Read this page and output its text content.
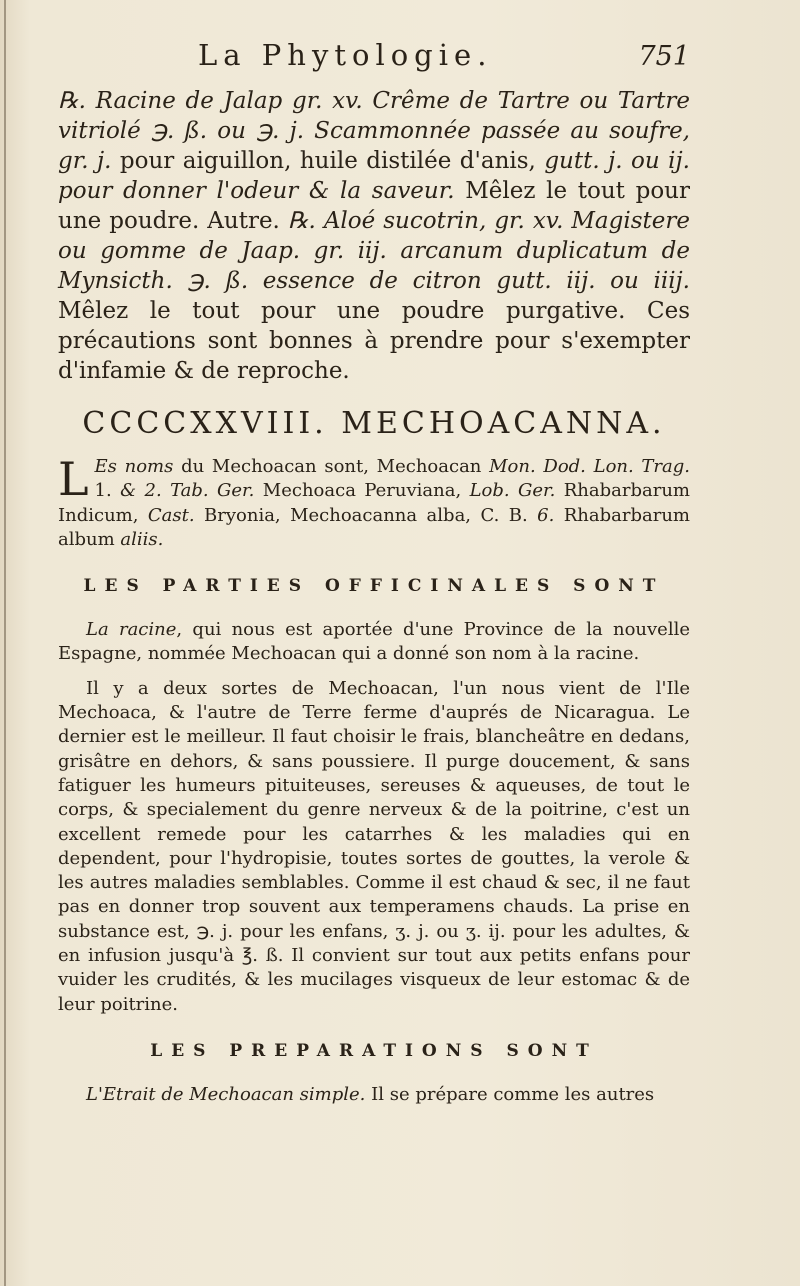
La Phytologie.	751

℞. Racine de Jalap gr. xv. Crême de Tartre ou Tartre vitriolé ℈. ß. ou ℈. j. Scammonnée passée au soufre, gr. j. pour aiguillon, huile distilée d'anis, gutt. j. ou ij. pour donner l'odeur & la saveur. Mêlez le tout pour une poudre. Autre. ℞. Aloé sucotrin, gr. xv. Magistere ou gomme de Jaap. gr. iij. arcanum duplicatum de Mynsicth. ℈. ß. essence de citron gutt. iij. ou iiij. Mêlez le tout pour une poudre purgative. Ces précautions sont bonnes à prendre pour s'exempter d'infamie & de reproche.

CCCCXXVIII. MECHOACANNA.

L Es noms du Mechoacan sont, Mechoacan Mon. Dod. Lon. Trag. 1. & 2. Tab. Ger. Mechoaca Peruviana, Lob. Ger. Rhabarbarum Indicum, Cast. Bryonia, Mechoacanna alba, C. B. 6. Rhabarbarum album aliis.

LES PARTIES OFFICINALES SONT

La racine, qui nous est aportée d'une Province de la nouvelle Espagne, nommée Mechoacan qui a donné son nom à la racine.

Il y a deux sortes de Mechoacan, l'un nous vient de l'Ile Mechoaca, & l'autre de Terre ferme d'auprés de Nicaragua. Le dernier est le meilleur. Il faut choisir le frais, blancheâtre en dedans, grisâtre en dehors, & sans poussiere. Il purge doucement, & sans fatiguer les humeurs pituiteuses, sereuses & aqueuses, de tout le corps, & specialement du genre nerveux & de la poitrine, c'est un excellent remede pour les catarrhes & les maladies qui en dependent, pour l'hydropisie, toutes sortes de gouttes, la verole & les autres maladies semblables. Comme il est chaud & sec, il ne faut pas en donner trop souvent aux temperamens chauds. La prise en substance est, ℈. j. pour les enfans, ʒ. j. ou ʒ. ij. pour les adultes, & en infusion jusqu'à ℥. ß. Il convient sur tout aux petits enfans pour vuider les crudités, & les mucilages visqueux de leur estomac & de leur poitrine.

LES PREPARATIONS SONT

L'Etrait de Mechoacan simple. Il se prépare comme les autres
